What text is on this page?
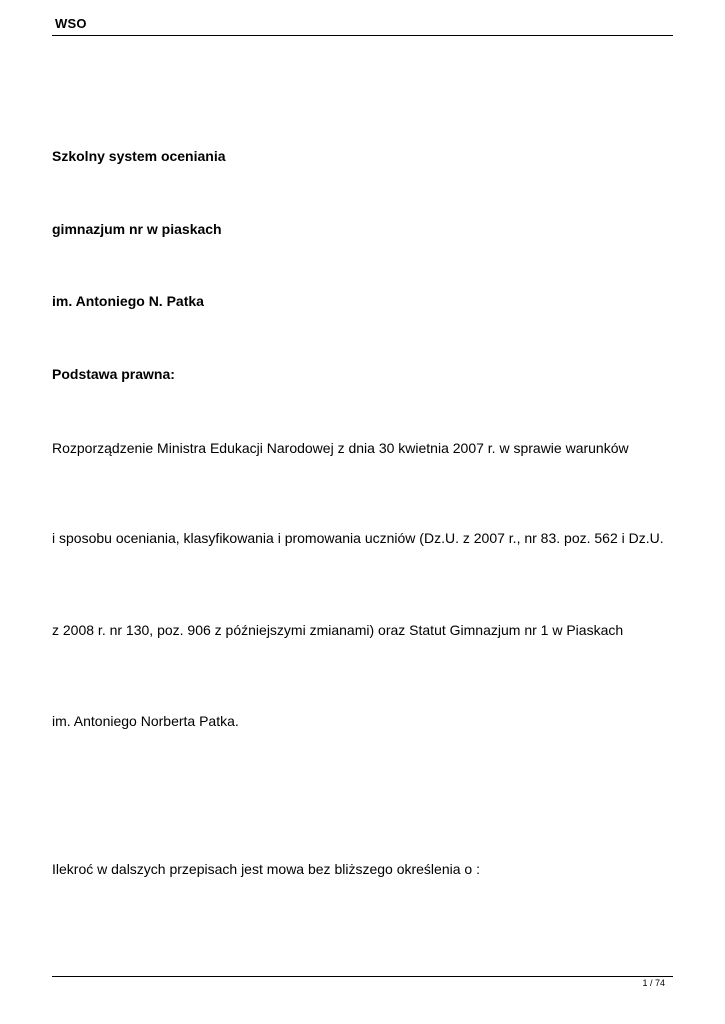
WSO

Szkolny system oceniania

gimnazjum nr w piaskach

im. Antoniego N. Patka

Podstawa prawna:

Rozporządzenie Ministra Edukacji Narodowej z dnia 30 kwietnia 2007 r. w sprawie warunków

i sposobu oceniania, klasyfikowania i promowania uczniów (Dz.U. z 2007 r., nr 83. poz. 562 i Dz.U.

z 2008 r. nr 130, poz. 906 z późniejszymi zmianami) oraz Statut Gimnazjum nr 1 w Piaskach

im. Antoniego Norberta Patka.

Ilekroć w dalszych przepisach jest mowa bez bliższego określenia o :

1 / 74
